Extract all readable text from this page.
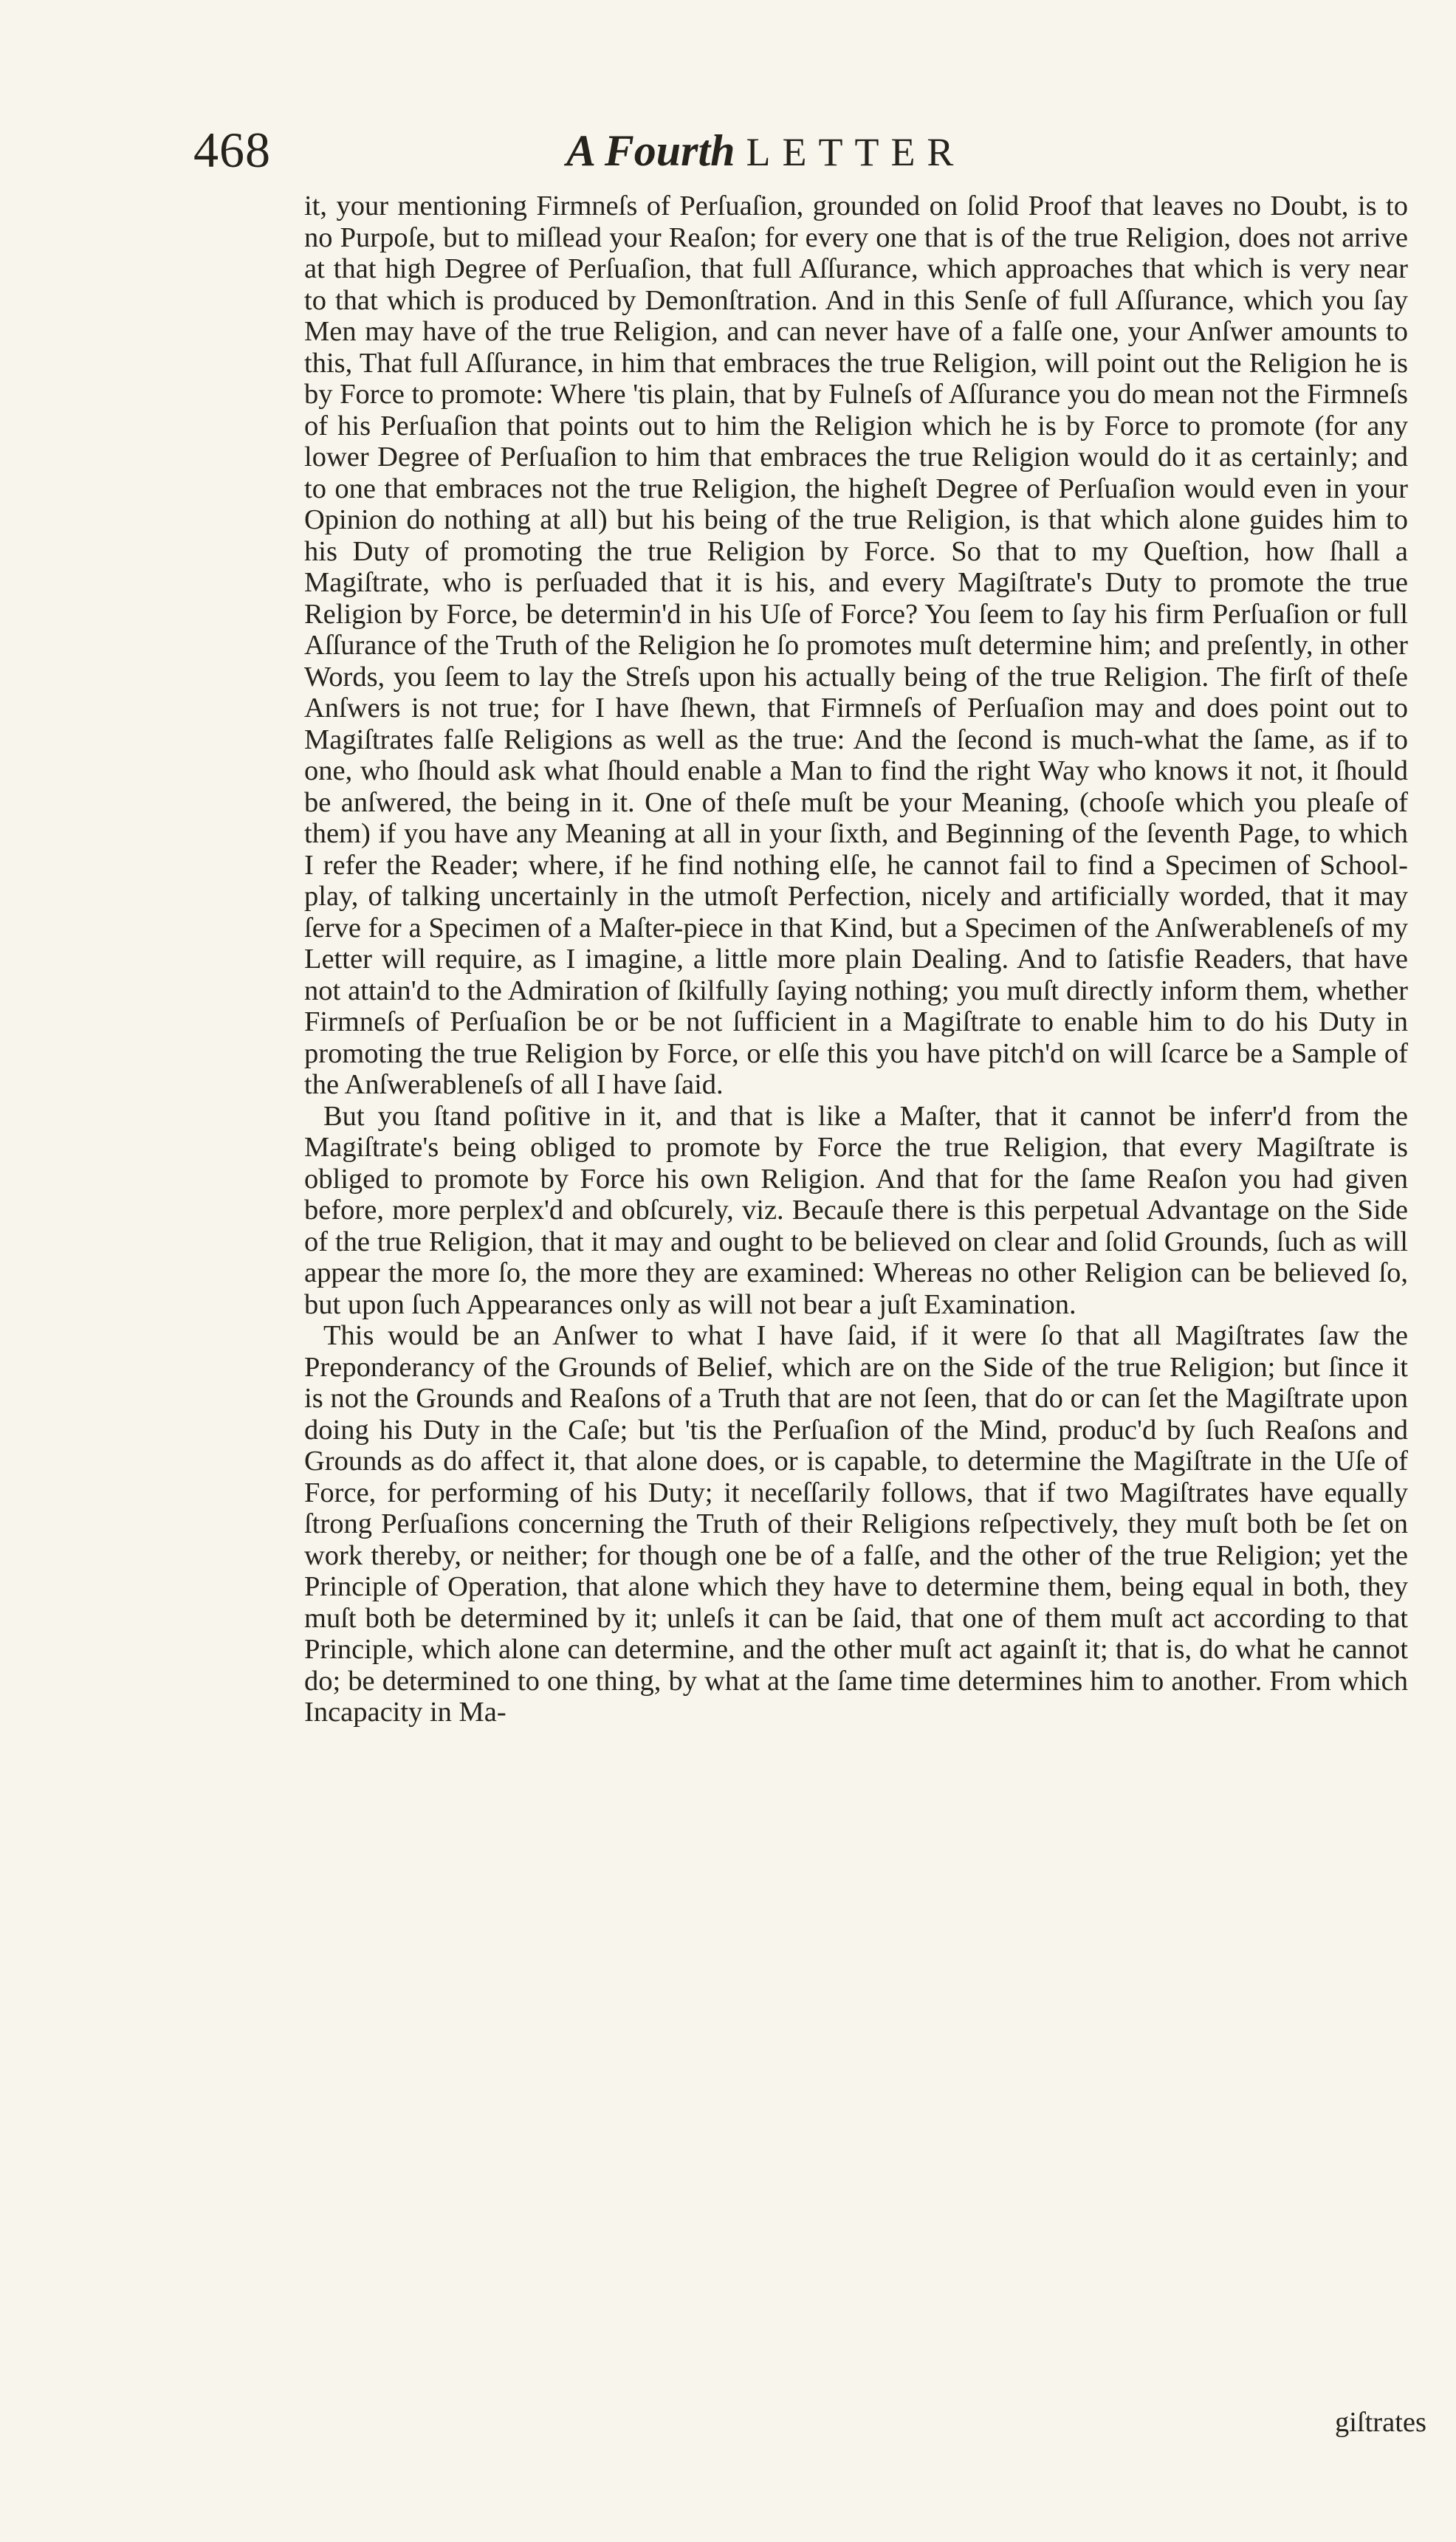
468	A Fourth LETTER

it, your mentioning Firmneſs of Perſuaſion, grounded on ſolid Proof that leaves no Doubt, is to no Purpoſe, but to miſlead your Reaſon; for every one that is of the true Religion, does not arrive at that high Degree of Perſuaſion, that full Aſſurance, which approaches that which is very near to that which is produced by Demonſtration. And in this Senſe of full Aſſurance, which you ſay Men may have of the true Religion, and can never have of a falſe one, your Anſwer amounts to this, That full Aſſurance, in him that embraces the true Religion, will point out the Religion he is by Force to promote: Where 'tis plain, that by Fulneſs of Aſſurance you do mean not the Firmneſs of his Perſuaſion that points out to him the Religion which he is by Force to promote (for any lower Degree of Perſuaſion to him that embraces the true Religion would do it as certainly; and to one that embraces not the true Religion, the higheſt Degree of Perſuaſion would even in your Opinion do nothing at all) but his being of the true Religion, is that which alone guides him to his Duty of promoting the true Religion by Force. So that to my Queſtion, how ſhall a Magiſtrate, who is perſuaded that it is his, and every Magiſtrate's Duty to promote the true Religion by Force, be determin'd in his Uſe of Force? You ſeem to ſay his firm Perſuaſion or full Aſſurance of the Truth of the Religion he ſo promotes muſt determine him; and preſently, in other Words, you ſeem to lay the Streſs upon his actually being of the true Religion. The firſt of theſe Anſwers is not true; for I have ſhewn, that Firmneſs of Perſuaſion may and does point out to Magiſtrates falſe Religions as well as the true: And the ſecond is much-what the ſame, as if to one, who ſhould ask what ſhould enable a Man to find the right Way who knows it not, it ſhould be anſwered, the being in it. One of theſe muſt be your Meaning, (chooſe which you pleaſe of them) if you have any Meaning at all in your ſixth, and Beginning of the ſeventh Page, to which I refer the Reader; where, if he find nothing elſe, he cannot fail to find a Specimen of School-play, of talking uncertainly in the utmoſt Perfection, nicely and artificially worded, that it may ſerve for a Specimen of a Maſter-piece in that Kind, but a Specimen of the Anſwerableneſs of my Letter will require, as I imagine, a little more plain Dealing. And to ſatisfie Readers, that have not attain'd to the Admiration of ſkilfully ſaying nothing; you muſt directly inform them, whether Firmneſs of Perſuaſion be or be not ſufficient in a Magiſtrate to enable him to do his Duty in promoting the true Religion by Force, or elſe this you have pitch'd on will ſcarce be a Sample of the Anſwerableneſs of all I have ſaid.

But you ſtand poſitive in it, and that is like a Maſter, that it cannot be inferr'd from the Magiſtrate's being obliged to promote by Force the true Religion, that every Magiſtrate is obliged to promote by Force his own Religion. And that for the ſame Reaſon you had given before, more perplex'd and obſcurely, viz. Becauſe there is this perpetual Advantage on the Side of the true Religion, that it may and ought to be believed on clear and ſolid Grounds, ſuch as will appear the more ſo, the more they are examined: Whereas no other Religion can be believed ſo, but upon ſuch Appearances only as will not bear a juſt Examination.

This would be an Anſwer to what I have ſaid, if it were ſo that all Magiſtrates ſaw the Preponderancy of the Grounds of Belief, which are on the Side of the true Religion; but ſince it is not the Grounds and Reaſons of a Truth that are not ſeen, that do or can ſet the Magiſtrate upon doing his Duty in the Caſe; but 'tis the Perſuaſion of the Mind, produc'd by ſuch Reaſons and Grounds as do affect it, that alone does, or is capable, to determine the Magiſtrate in the Uſe of Force, for performing of his Duty; it neceſſarily follows, that if two Magiſtrates have equally ſtrong Perſuaſions concerning the Truth of their Religions reſpectively, they muſt both be ſet on work thereby, or neither; for though one be of a falſe, and the other of the true Religion; yet the Principle of Operation, that alone which they have to determine them, being equal in both, they muſt both be determined by it; unleſs it can be ſaid, that one of them muſt act according to that Principle, which alone can determine, and the other muſt act againſt it; that is, do what he cannot do; be determined to one thing, by what at the ſame time determines him to another. From which Incapacity in Ma-

giſtrates
